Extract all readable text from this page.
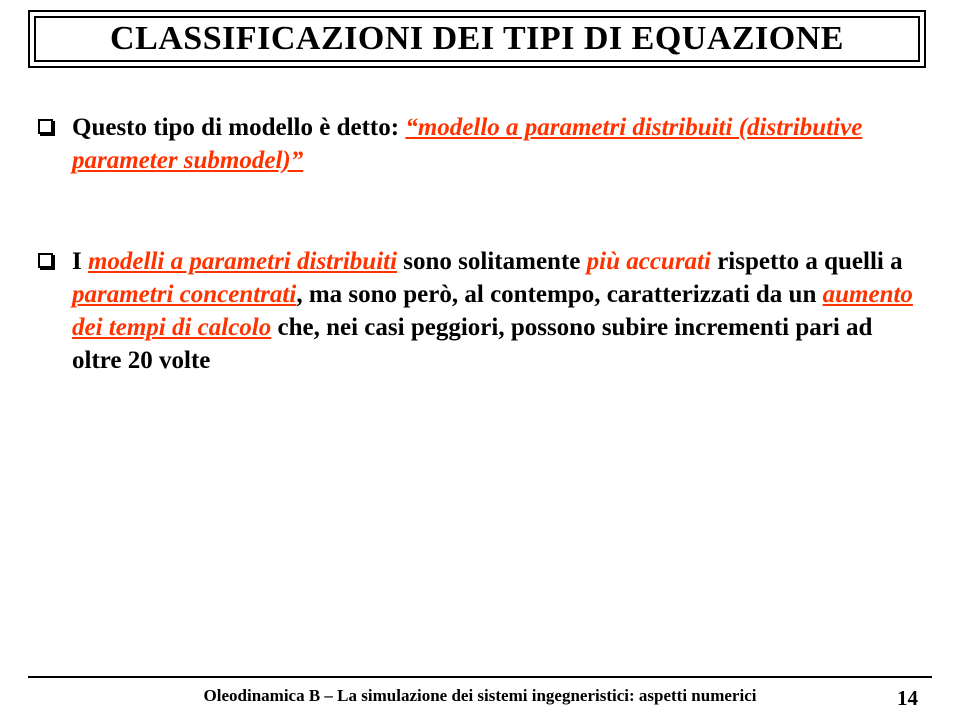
CLASSIFICAZIONI DEI TIPI DI EQUAZIONE
Questo tipo di modello è detto: “modello a parametri distribuiti (distributive parameter submodel)”
I modelli a parametri distribuiti sono solitamente più accurati rispetto a quelli a parametri concentrati, ma sono però, al contempo, caratterizzati da un aumento dei tempi di calcolo che, nei casi peggiori, possono subire incrementi pari ad oltre 20 volte
Oleodinamica B – La simulazione dei sistemi ingegneristici: aspetti numerici	14
